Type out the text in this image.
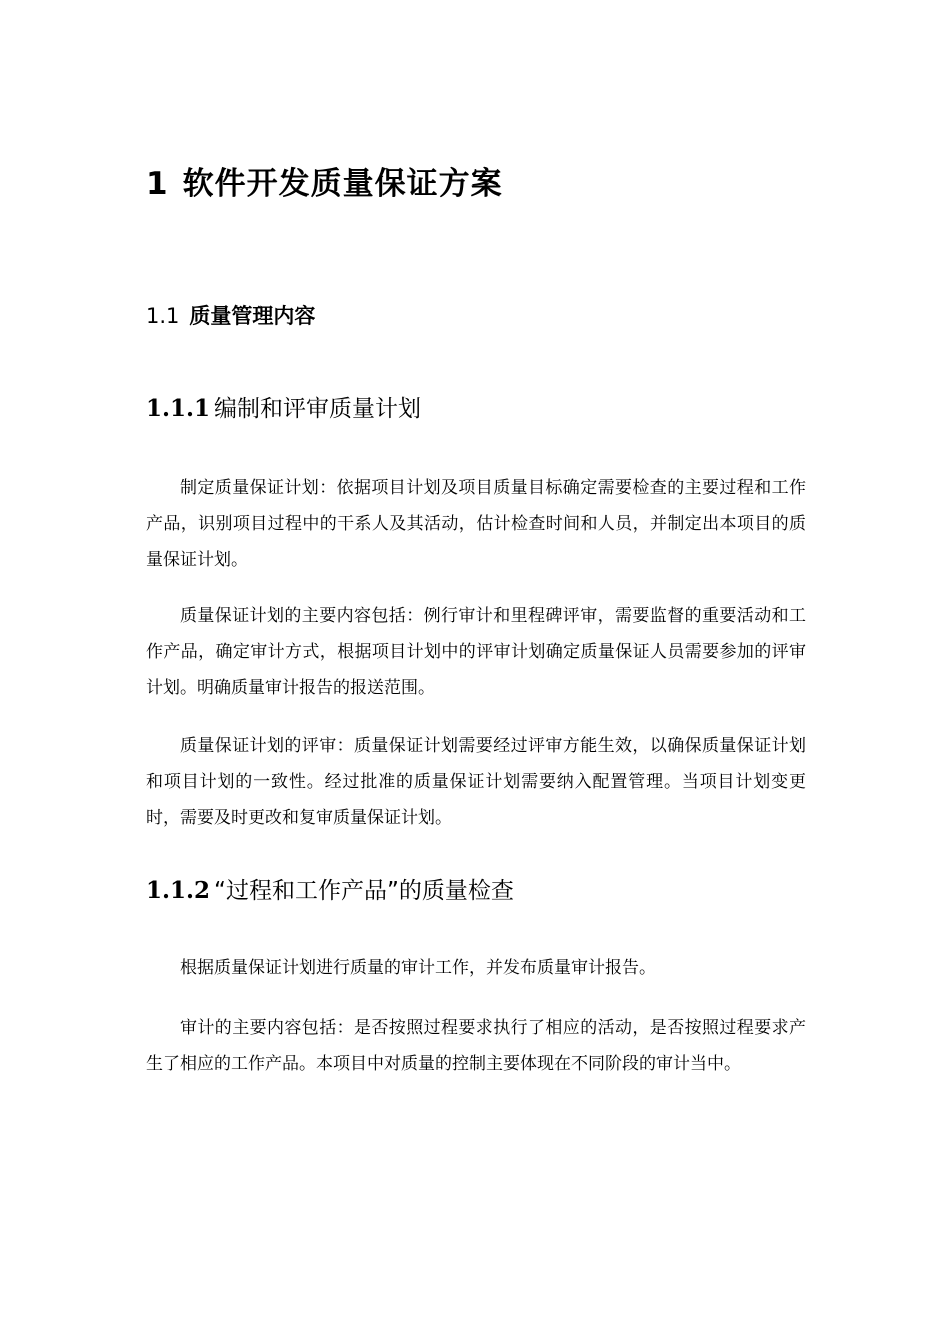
1 软件开发质量保证方案
1.1 质量管理内容
1.1.1 编制和评审质量计划

制定质量保证计划：依据项目计划及项目质量目标确定需要检查的主要过程和工作产品，识别项目过程中的干系人及其活动，估计检查时间和人员，并制定出本项目的质量保证计划。

质量保证计划的主要内容包括：例行审计和里程碑评审，需要监督的重要活动和工作产品，确定审计方式，根据项目计划中的评审计划确定质量保证人员需要参加的评审计划。明确质量审计报告的报送范围。

质量保证计划的评审：质量保证计划需要经过评审方能生效，以确保质量保证计划和项目计划的一致性。经过批准的质量保证计划需要纳入配置管理。当项目计划变更时，需要及时更改和复审质量保证计划。

1.1.2 “过程和工作产品”的质量检查

根据质量保证计划进行质量的审计工作，并发布质量审计报告。

审计的主要内容包括：是否按照过程要求执行了相应的活动，是否按照过程要求产生了相应的工作产品。本项目中对质量的控制主要体现在不同阶段的审计当中。
